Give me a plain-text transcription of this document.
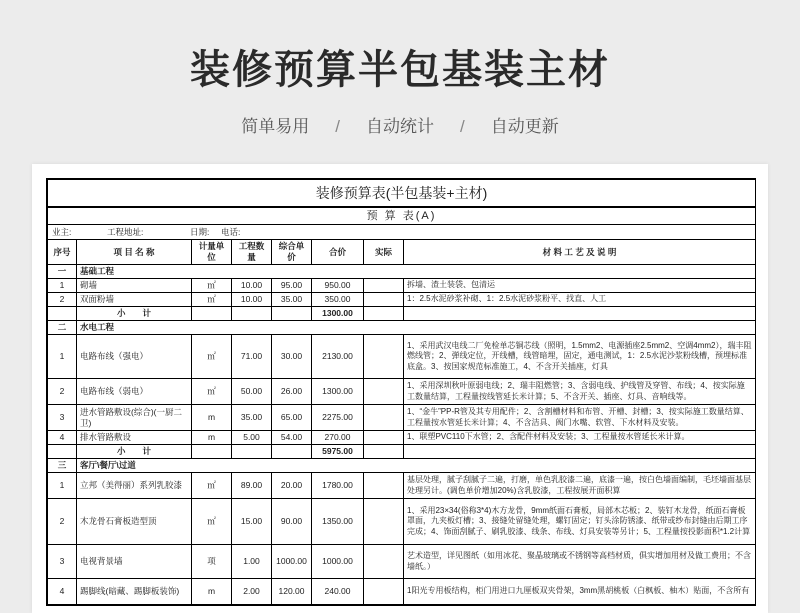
装修预算半包基装主材
简单易用 / 自动统计 / 自动更新
装修预算表(半包基装+主材)							
预 算 表(A)							
业主: 工程地址: 日期: 电话:							
序号	项 目 名 称	计量单位	工程数量	综合单价	合价	实际	材 料 工 艺 及 说 明
一	基础工程						
1	砌墙	㎡	10.00	95.00	950.00		拆墙、渣土装袋、包清运
2	双面粉墙	㎡	10.00	35.00	350.00		1：2.5水泥砂浆补砌、1：2.5水泥砂浆粉平、找直、人工
	小　　计				1300.00		
二	水电工程						
1	电路布线（强电）	㎡	71.00	30.00	2130.00		1、采用武汉电线二厂免检单芯铜芯线（照明，1.5mm2、电源插座2.5mm2、空调4mm2），瑞丰阻燃线管；2、弹线定位，开线槽，线管暗埋，固定，通电测试，1：2.5水泥沙浆粉线槽，预埋标准底盒。3、按国家规范标准施工，4、不含开关插座，灯具
2	电路布线（弱电）	㎡	50.00	26.00	1300.00		1、采用深圳秋叶原弱电线；2、瑞丰阻燃管；3、含弱电线、护线管及穿管、布线；4、按实际施工数量结算，工程量按线管延长米计算；5、不含开关、插座、灯具、音响线等。
3	进水管路敷设(综合)(一厨二卫)	m	35.00	65.00	2275.00		1、“金牛”PP-R管及其专用配件；2、含割槽材料和布管、开槽、封槽；3、按实际施工数量结算、工程量按水管延长米计算；4、不含洁具、阀门水嘴、软管、下水材料及安装。
4	排水管路敷设	m	5.00	54.00	270.00		1、联塑PVC110下水管；2、含配件材料及安装；3、工程量按水管延长米计算。
	小　　计				5975.00		
三	客厅\餐厅\过道						
1	立邦（美得丽）系列乳胶漆	㎡	89.00	20.00	1780.00		基层处理，腻子刮腻子二遍，打磨，单色乳胶漆二遍，底漆一遍，按白色墙面编制，毛坯墙面基层处理另计。(调色单价增加20%)含乳胶漆，工程按展开面积算
2	木龙骨石膏板造型顶	㎡	15.00	90.00	1350.00		1、采用23×34(俗称3*4)木方龙骨，9mm纸面石膏板，局部木芯板；2、装钉木龙骨，纸面石膏板罩面，九夹板灯槽；3、接缝处留缝处理，螺钉固定；钉头涂防锈漆、纸带或纱布封缝由后期工序完成；4、饰面刮腻子、刷乳胶漆、线条、布线、灯具安装等另计；5、工程量按投影面积*1.2计算
3	电视背景墙	项	1.00	1000.00	1000.00		艺术造型，详见图纸（如用冰花、聚晶玻璃或不锈钢等高档材质，俱实增加用材及做工费用；不含墙纸。）
4	踢脚线(暗藏、踢脚板装饰)	m	2.00	120.00	240.00		1阳光专用板结构，柜门用进口九厘板双夹骨架，3mm黑胡桃板（白枫板、柚木）贴面，不含所有
